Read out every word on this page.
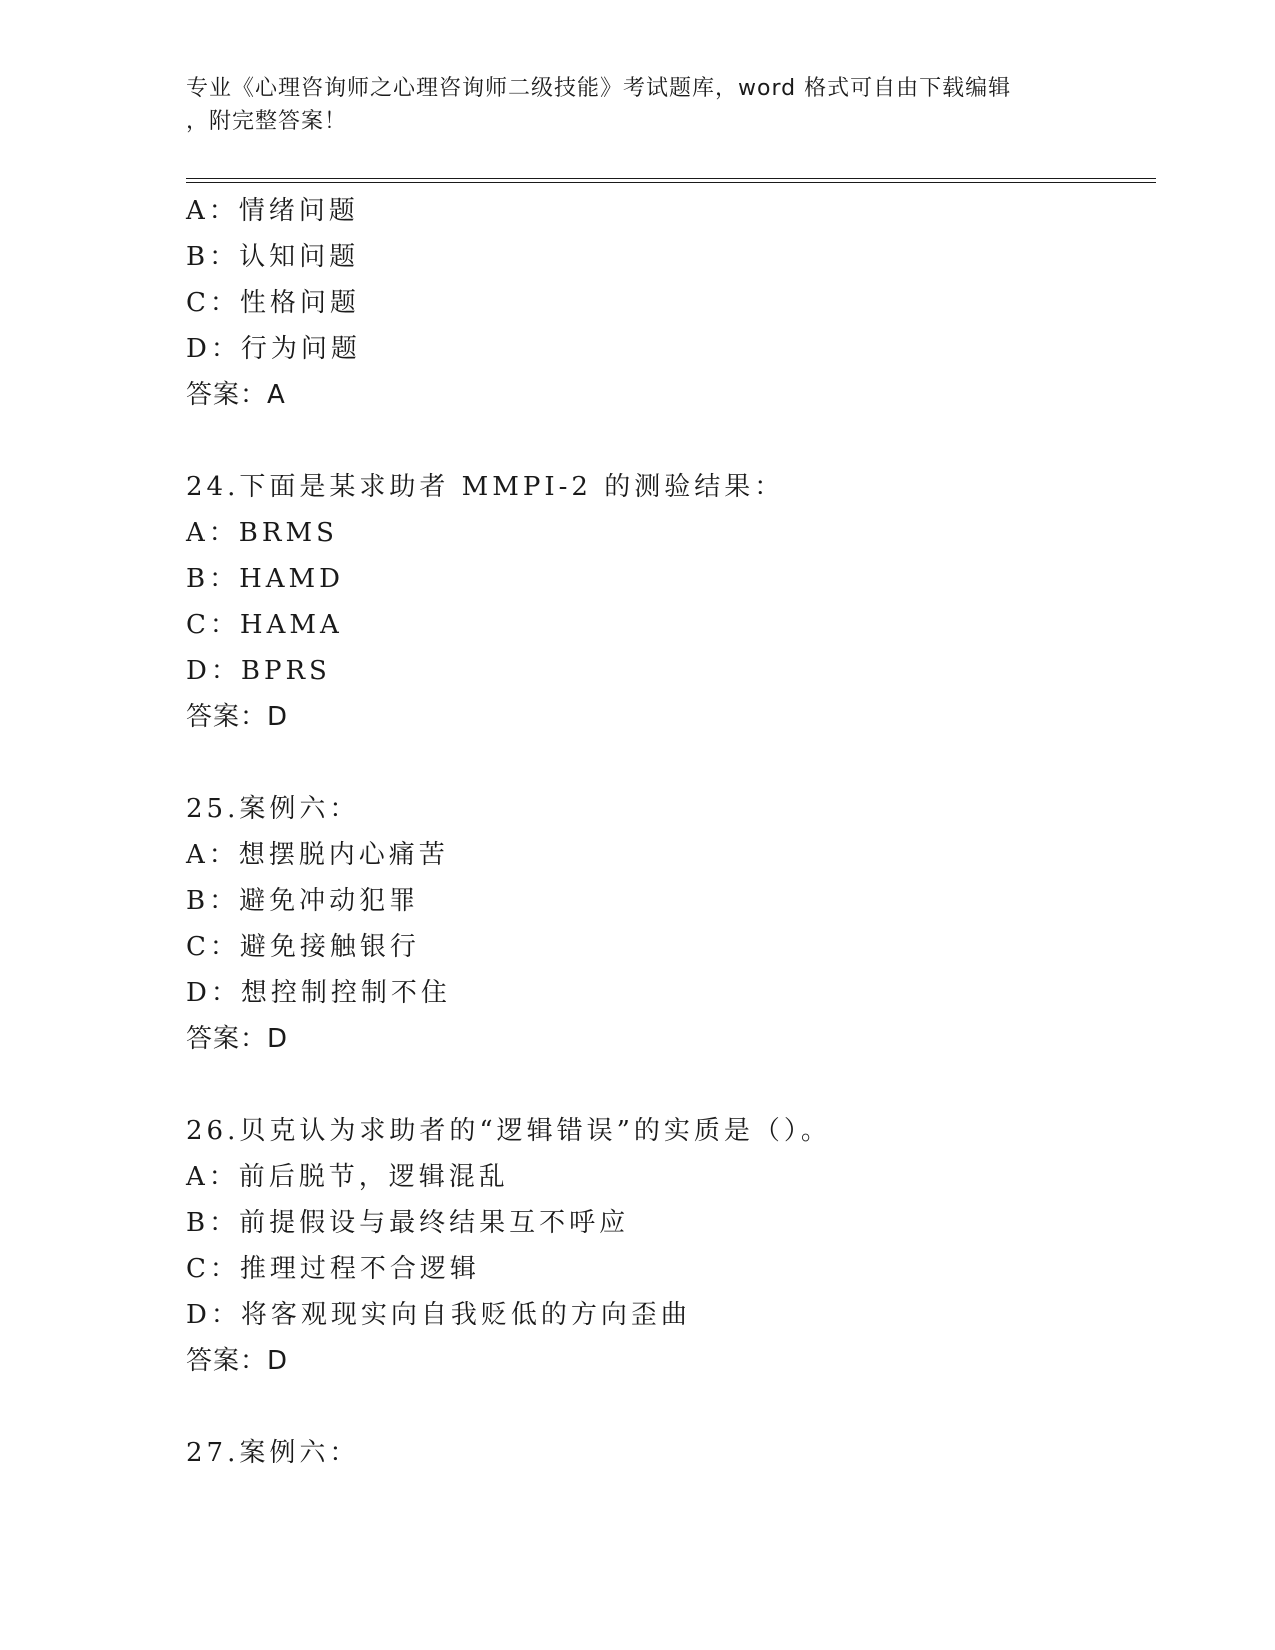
专业《心理咨询师之心理咨询师二级技能》考试题库，word 格式可自由下载编辑
，附完整答案！
A：情绪问题
B：认知问题
C：性格问题
D：行为问题
答案：A
24.下面是某求助者 MMPI-2 的测验结果：
A：BRMS
B：HAMD
C：HAMA
D：BPRS
答案：D
25.案例六：
A：想摆脱内心痛苦
B：避免冲动犯罪
C：避免接触银行
D：想控制控制不住
答案：D
26.贝克认为求助者的“逻辑错误”的实质是（）。
A：前后脱节，逻辑混乱
B：前提假设与最终结果互不呼应
C：推理过程不合逻辑
D：将客观现实向自我贬低的方向歪曲
答案：D
27.案例六：
